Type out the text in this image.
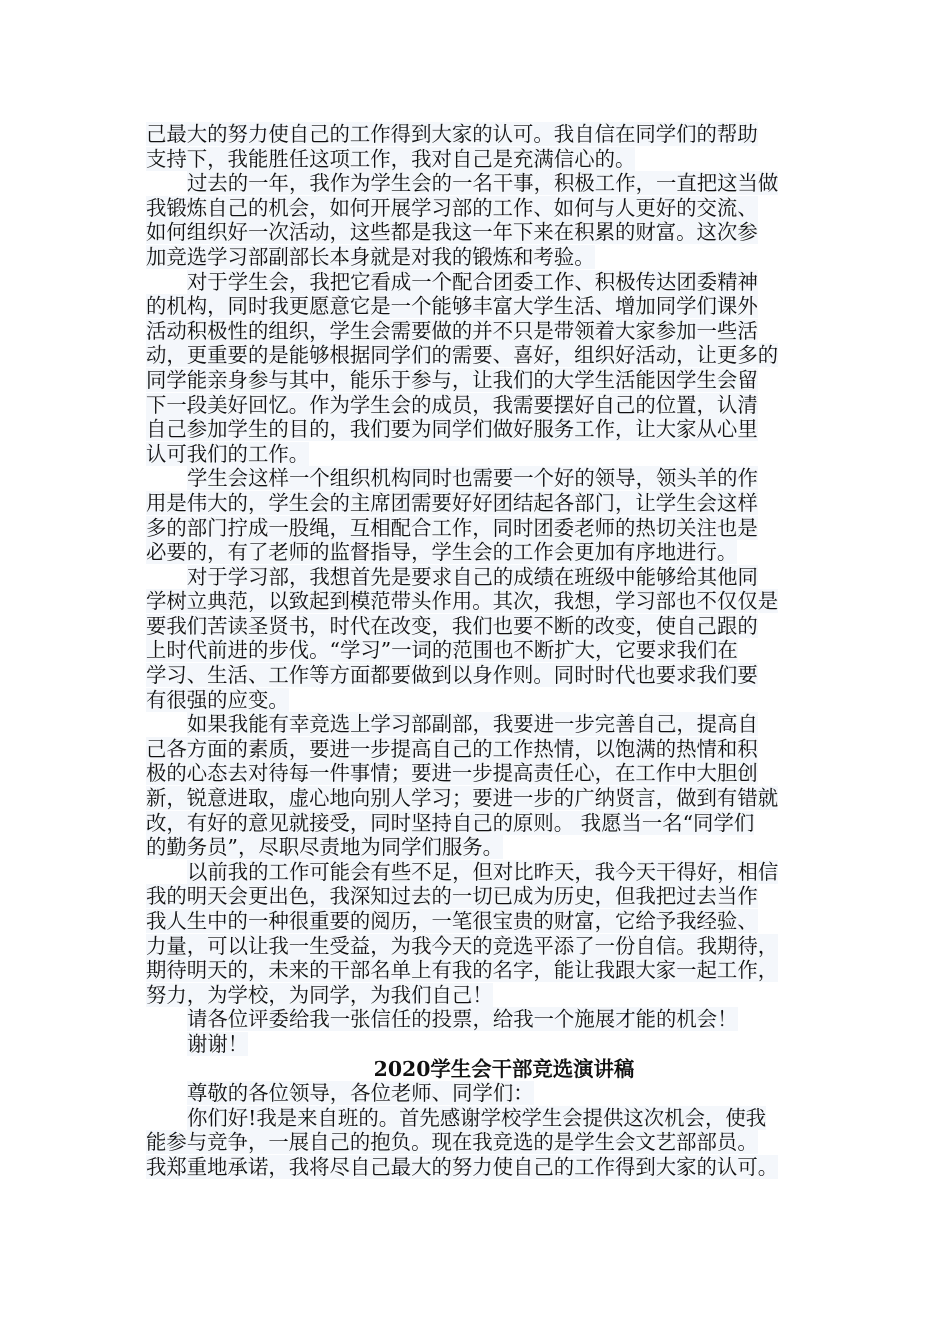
己最大的努力使自己的工作得到大家的认可。我自信在同学们的帮助
支持下，我能胜任这项工作，我对自己是充满信心的。
过去的一年，我作为学生会的一名干事，积极工作，一直把这当做
我锻炼自己的机会，如何开展学习部的工作、如何与人更好的交流、
如何组织好一次活动，这些都是我这一年下来在积累的财富。这次参
加竞选学习部副部长本身就是对我的锻炼和考验。
对于学生会，我把它看成一个配合团委工作、积极传达团委精神
的机构，同时我更愿意它是一个能够丰富大学生活、增加同学们课外
活动积极性的组织，学生会需要做的并不只是带领着大家参加一些活
动，更重要的是能够根据同学们的需要、喜好，组织好活动，让更多的
同学能亲身参与其中，能乐于参与，让我们的大学生活能因学生会留
下一段美好回忆。作为学生会的成员，我需要摆好自己的位置，认清
自己参加学生的目的，我们要为同学们做好服务工作，让大家从心里
认可我们的工作。
学生会这样一个组织机构同时也需要一个好的领导，领头羊的作
用是伟大的，学生会的主席团需要好好团结起各部门，让学生会这样
多的部门拧成一股绳，互相配合工作，同时团委老师的热切关注也是
必要的，有了老师的监督指导，学生会的工作会更加有序地进行。
对于学习部，我想首先是要求自己的成绩在班级中能够给其他同
学树立典范，以致起到模范带头作用。其次，我想，学习部也不仅仅是
要我们苦读圣贤书，时代在改变，我们也要不断的改变，使自己跟的
上时代前进的步伐。“学习”一词的范围也不断扩大，它要求我们在
学习、生活、工作等方面都要做到以身作则。同时时代也要求我们要
有很强的应变。
如果我能有幸竞选上学习部副部，我要进一步完善自己，提高自
己各方面的素质，要进一步提高自己的工作热情，以饱满的热情和积
极的心态去对待每一件事情；要进一步提高责任心，在工作中大胆创
新，锐意进取，虚心地向别人学习；要进一步的广纳贤言，做到有错就
改，有好的意见就接受，同时坚持自己的原则。 我愿当一名“同学们
的勤务员”，尽职尽责地为同学们服务。
以前我的工作可能会有些不足，但对比昨天，我今天干得好，相信
我的明天会更出色，我深知过去的一切已成为历史，但我把过去当作
我人生中的一种很重要的阅历，一笔很宝贵的财富，它给予我经验、
力量，可以让我一生受益，为我今天的竞选平添了一份自信。我期待，
期待明天的，未来的干部名单上有我的名字，能让我跟大家一起工作，
努力，为学校，为同学，为我们自己！
请各位评委给我一张信任的投票，给我一个施展才能的机会！
谢谢！
2020学生会干部竞选演讲稿
尊敬的各位领导，各位老师、同学们：
你们好!我是来自班的。首先感谢学校学生会提供这次机会，使我
能参与竞争，一展自己的抱负。现在我竞选的是学生会文艺部部员。
我郑重地承诺，我将尽自己最大的努力使自己的工作得到大家的认可。
